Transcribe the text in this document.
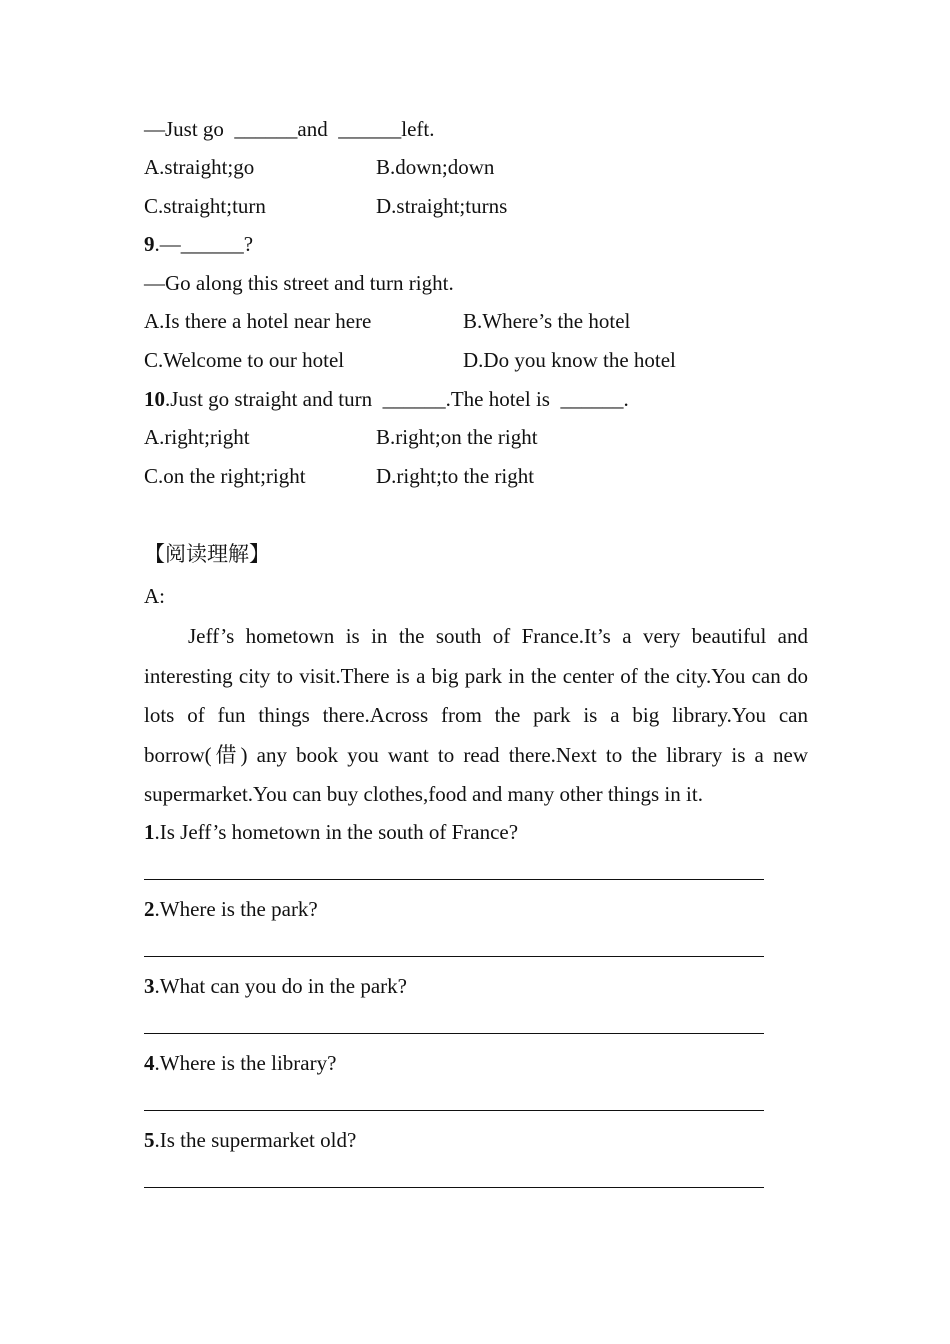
—Just go  ______and  ______left.
A.straight;go	B.down;down
C.straight;turn	D.straight;turns
9.—______?
—Go along this street and turn right.
A.Is there a hotel near here	B.Where’s the hotel
C.Welcome to our hotel	D.Do you know the hotel
10.Just go straight and turn  ______.The hotel is  ______.
A.right;right	B.right;on the right
C.on the right;right	D.right;to the right
【阅读理解】
A:
Jeff’s hometown is in the south of France.It’s a very beautiful and interesting city to visit.There is a big park in the center of the city.You can do lots of fun things there.Across from the park is a big library.You can borrow(借) any book you want to read there.Next to the library is a new supermarket.You can buy clothes,food and many other things in it.
1.Is Jeff’s hometown in the south of France?
2.Where is the park?
3.What can you do in the park?
4.Where is the library?
5.Is the supermarket old?
